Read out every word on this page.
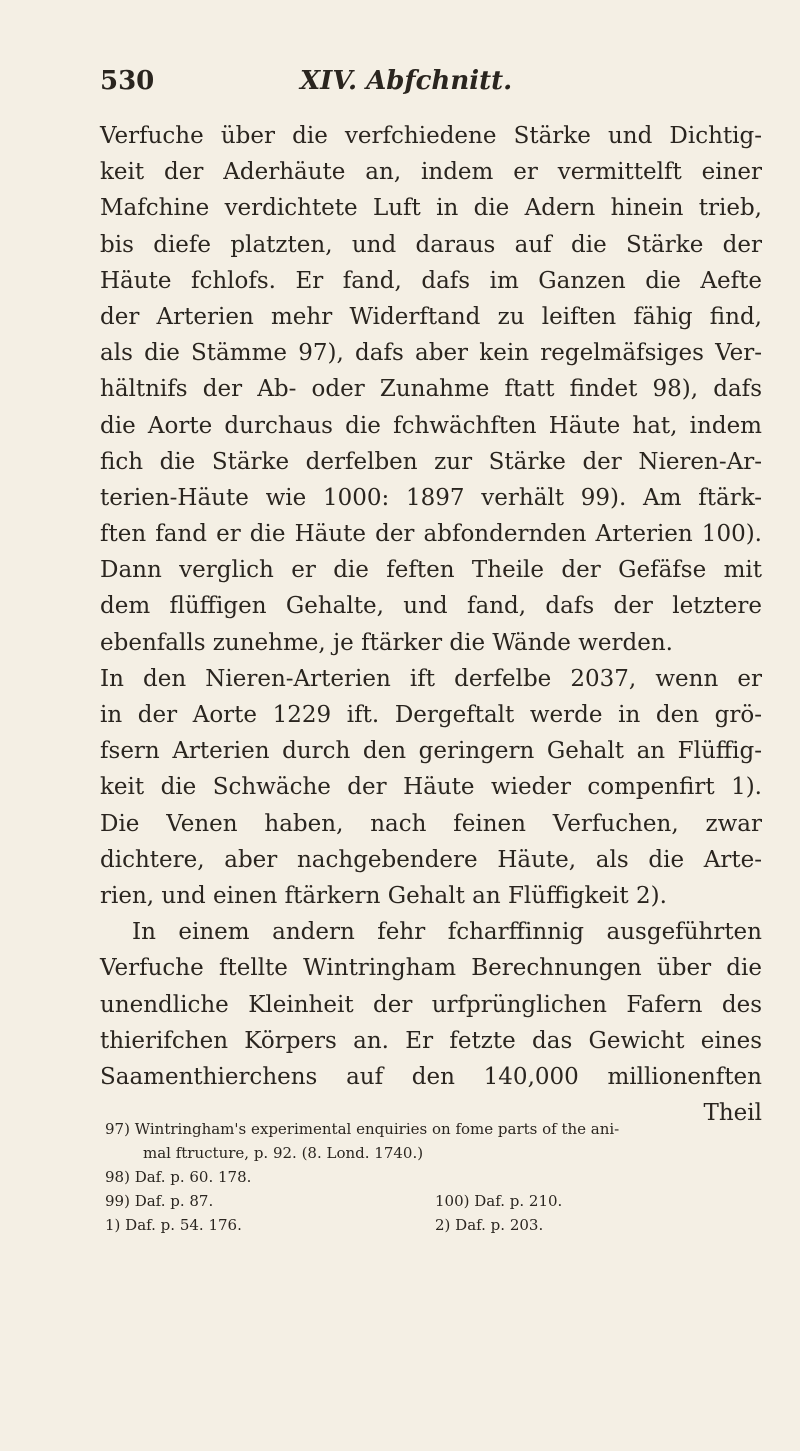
530	XIV. Abfchnitt.
Verfuche über die verfchiedene Stärke und Dichtig-
keit der Aderhäute an, indem er vermittelft einer
Mafchine verdichtete Luft in die Adern hinein trieb,
bis diefe platzten, und daraus auf die Stärke der
Häute fchlofs. Er fand, dafs im Ganzen die Aefte
der Arterien mehr Widerftand zu leiften fähig find,
als die Stämme 97), dafs aber kein regelmäfsiges Ver-
hältnifs der Ab- oder Zunahme ftatt findet 98), dafs
die Aorte durchaus die fchwächften Häute hat, indem
fich die Stärke derfelben zur Stärke der Nieren-Ar-
terien-Häute wie 1000: 1897 verhält 99). Am ftärk-
ften fand er die Häute der abfondernden Arterien 100).
Dann verglich er die feften Theile der Gefäfse mit
dem flüffigen Gehalte, und fand, dafs der letztere
ebenfalls zunehme, je ftärker die Wände werden.
In den Nieren-Arterien ift derfelbe 2037, wenn er
in der Aorte 1229 ift. Dergeftalt werde in den grö-
fsern Arterien durch den geringern Gehalt an Flüffig-
keit die Schwäche der Häute wieder compenfirt 1).
Die Venen haben, nach feinen Verfuchen, zwar
dichtere, aber nachgebendere Häute, als die Arte-
rien, und einen ftärkern Gehalt an Flüffigkeit 2).
In einem andern fehr fcharffinnig ausgeführten
Verfuche ftellte Wintringham Berechnungen über die
unendliche Kleinheit der urfprünglichen Fafern des
thierifchen Körpers an. Er fetzte das Gewicht eines
Saamenthierchens auf den 140,000 millionenften
Theil
97) Wintringham's experimental enquiries on fome parts of the ani-
mal ftructure, p. 92. (8. Lond. 1740.)
98) Daf. p. 60. 178.
99) Daf. p. 87.	100) Daf. p. 210.
1) Daf. p. 54. 176.	2) Daf. p. 203.
